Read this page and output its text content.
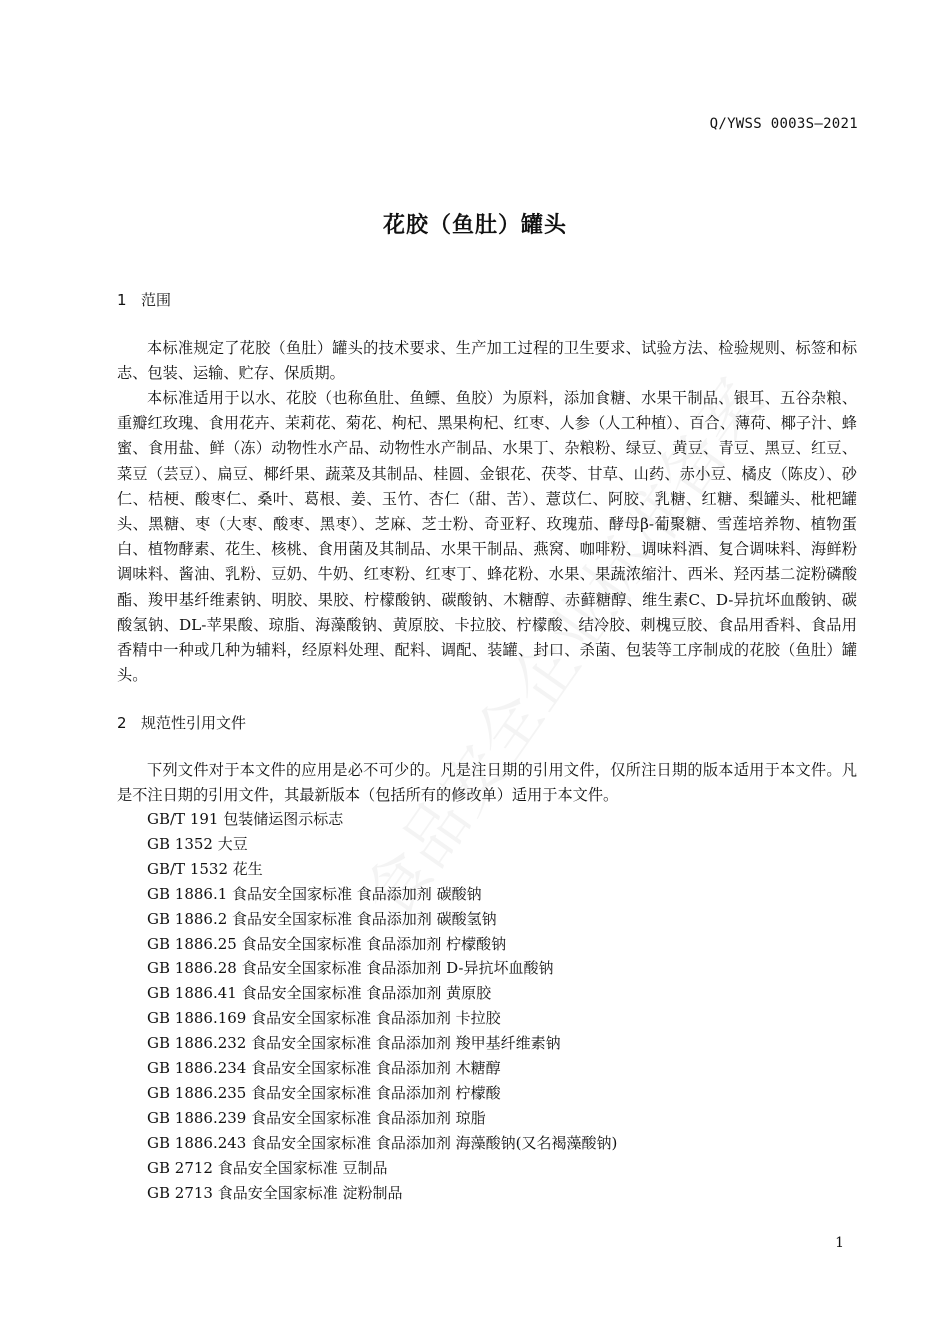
Q/YWSS 0003S—2021
花胶（鱼肚）罐头
1 范围

本标准规定了花胶（鱼肚）罐头的技术要求、生产加工过程的卫生要求、试验方法、检验规则、标签和标志、包装、运输、贮存、保质期。

本标准适用于以水、花胶（也称鱼肚、鱼鳔、鱼胶）为原料，添加食糖、水果干制品、银耳、五谷杂粮、重瓣红玫瑰、食用花卉、茉莉花、菊花、枸杞、黑果枸杞、红枣、人参（人工种植）、百合、薄荷、椰子汁、蜂蜜、食用盐、鲜（冻）动物性水产品、动物性水产制品、水果丁、杂粮粉、绿豆、黄豆、青豆、黑豆、红豆、菜豆（芸豆）、扁豆、椰纤果、蔬菜及其制品、桂圆、金银花、茯苓、甘草、山药、赤小豆、橘皮（陈皮）、砂仁、桔梗、酸枣仁、桑叶、葛根、姜、玉竹、杏仁（甜、苦）、薏苡仁、阿胶、乳糖、红糖、梨罐头、枇杷罐头、黑糖、枣（大枣、酸枣、黑枣）、芝麻、芝士粉、奇亚籽、玫瑰茄、酵母β-葡聚糖、雪莲培养物、植物蛋白、植物酵素、花生、核桃、食用菌及其制品、水果干制品、燕窝、咖啡粉、调味料酒、复合调味料、海鲜粉调味料、酱油、乳粉、豆奶、牛奶、红枣粉、红枣丁、蜂花粉、水果、果蔬浓缩汁、西米、羟丙基二淀粉磷酸酯、羧甲基纤维素钠、明胶、果胶、柠檬酸钠、碳酸钠、木糖醇、赤藓糖醇、维生素C、D-异抗坏血酸钠、碳酸氢钠、DL-苹果酸、琼脂、海藻酸钠、黄原胶、卡拉胶、柠檬酸、结冷胶、刺槐豆胶、食品用香料、食品用香精中一种或几种为辅料，经原料处理、配料、调配、装罐、封口、杀菌、包装等工序制成的花胶（鱼肚）罐头。

2 规范性引用文件

下列文件对于本文件的应用是必不可少的。凡是注日期的引用文件，仅所注日期的版本适用于本文件。凡是不注日期的引用文件，其最新版本（包括所有的修改单）适用于本文件。

GB/T 191 包装储运图示标志
GB 1352 大豆
GB/T 1532 花生
GB 1886.1 食品安全国家标准 食品添加剂 碳酸钠
GB 1886.2 食品安全国家标准 食品添加剂 碳酸氢钠
GB 1886.25 食品安全国家标准 食品添加剂 柠檬酸钠
GB 1886.28 食品安全国家标准 食品添加剂 D-异抗坏血酸钠
GB 1886.41 食品安全国家标准 食品添加剂 黄原胶
GB 1886.169 食品安全国家标准 食品添加剂 卡拉胶
GB 1886.232 食品安全国家标准 食品添加剂 羧甲基纤维素钠
GB 1886.234 食品安全国家标准 食品添加剂 木糖醇
GB 1886.235 食品安全国家标准 食品添加剂 柠檬酸
GB 1886.239 食品安全国家标准 食品添加剂 琼脂
GB 1886.243 食品安全国家标准 食品添加剂 海藻酸钠(又名褐藻酸钠)
GB 2712 食品安全国家标准 豆制品
GB 2713 食品安全国家标准 淀粉制品
1
